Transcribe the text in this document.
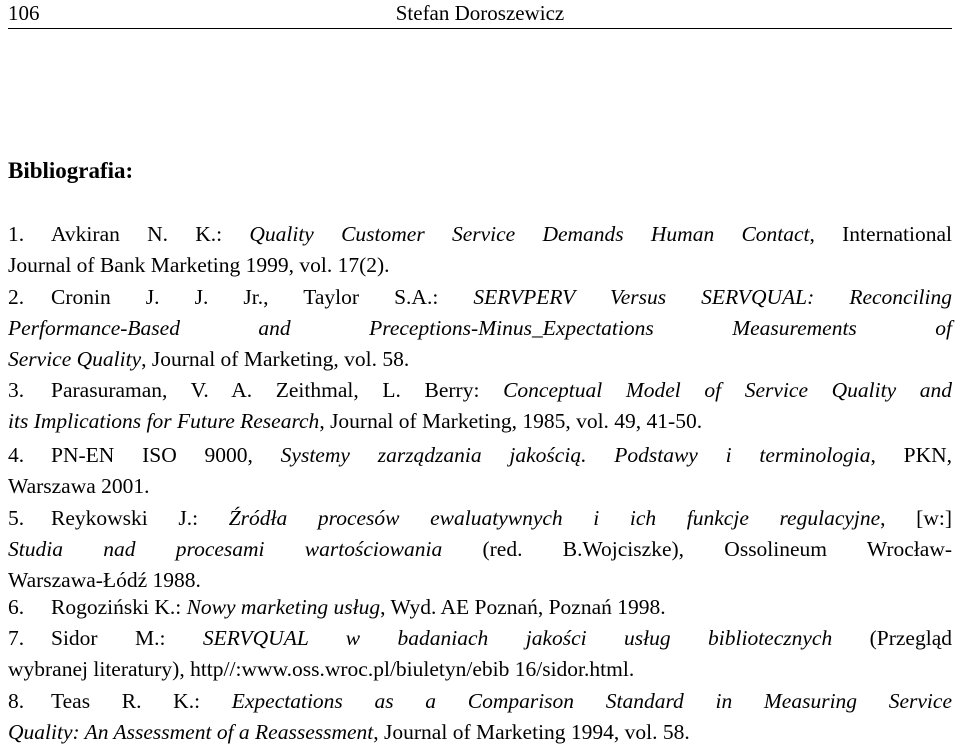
106	Stefan Doroszewicz
Bibliografia:
1. Avkiran N. K.: Quality Customer Service Demands Human Contact, International
Journal of Bank Marketing 1999, vol. 17(2).
2. Cronin J. J. Jr., Taylor S.A.: SERVPERV Versus SERVQUAL: Reconciling
Performance-Based and Preceptions-Minus_Expectations Measurements of
Service Quality, Journal of Marketing, vol. 58.
3. Parasuraman, V. A. Zeithmal, L. Berry: Conceptual Model of Service Quality and
its Implications for Future Research, Journal of Marketing, 1985, vol. 49, 41-50.
4. PN-EN ISO 9000, Systemy zarządzania jakością. Podstawy i terminologia, PKN,
Warszawa 2001.
5. Reykowski J.: Źródła procesów ewaluatywnych i ich funkcje regulacyjne, [w:]
Studia nad procesami wartościowania (red. B.Wojciszke), Ossolineum Wrocław-
Warszawa-Łódź 1988.
6. Rogoziński K.: Nowy marketing usług, Wyd. AE Poznań, Poznań 1998.
7. Sidor M.: SERVQUAL w badaniach jakości usług bibliotecznych (Przegląd
wybranej literatury), http//:www.oss.wroc.pl/biuletyn/ebib 16/sidor.html.
8. Teas R. K.: Expectations as a Comparison Standard in Measuring Service
Quality: An Assessment of a Reassessment, Journal of Marketing 1994, vol. 58.
